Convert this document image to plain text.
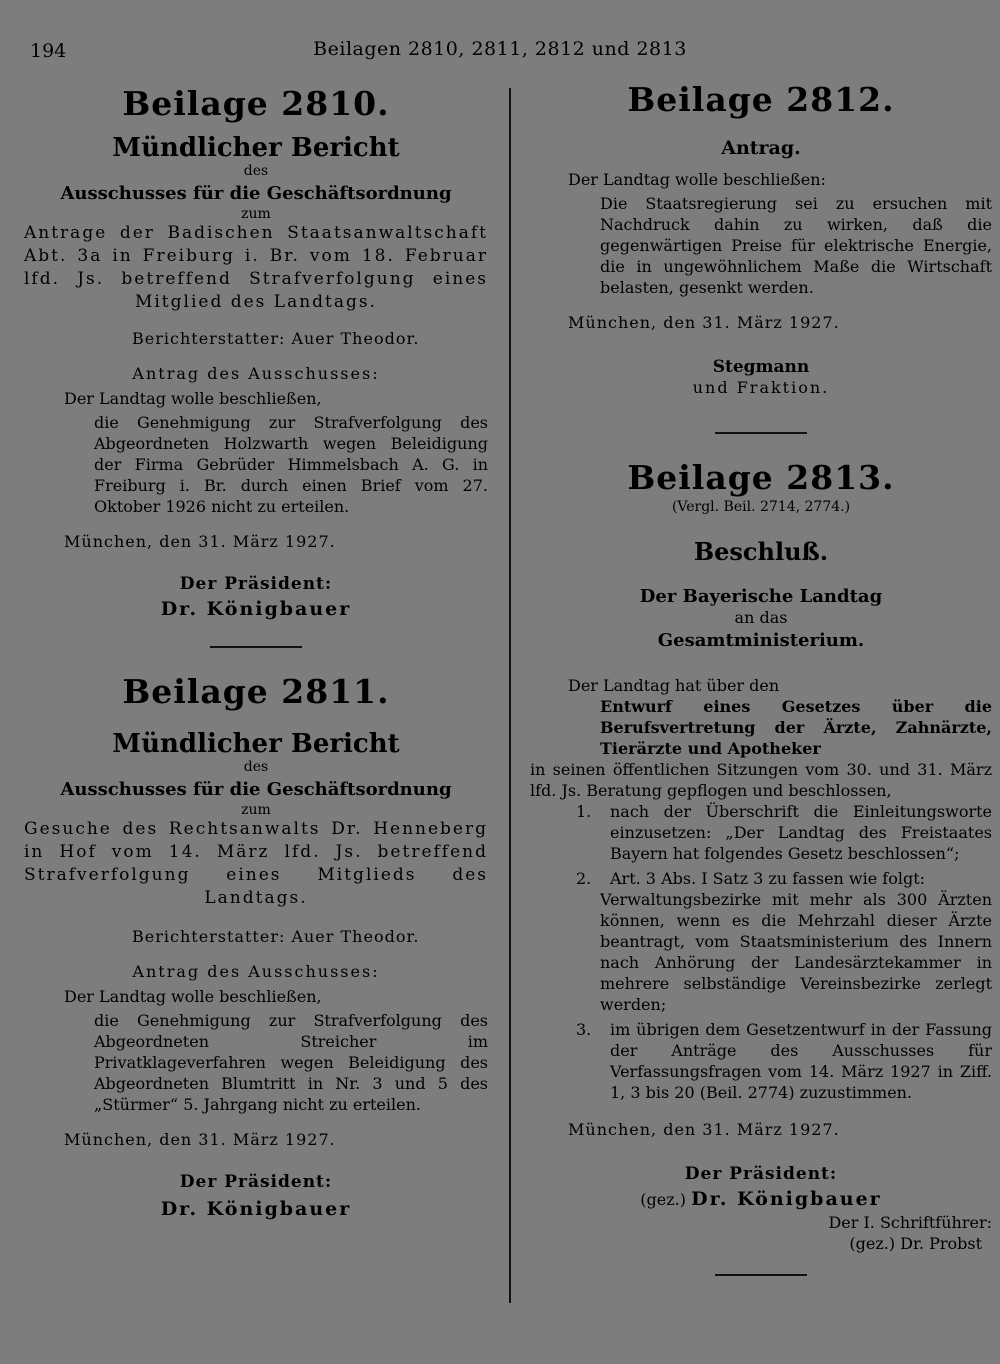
194	Beilagen 2810, 2811, 2812 und 2813
Beilage 2810.
Mündlicher Bericht
des
Ausschusses für die Geschäftsordnung
zum
Antrage der Badischen Staatsanwaltschaft
Abt. 3a in Freiburg i. Br. vom 18. Februar
lfd. Js. betreffend Strafverfolgung eines
Mitglied des Landtags.
Berichterstatter: Auer Theodor.
Antrag des Ausschusses:
Der Landtag wolle beschließen,
die Genehmigung zur Strafverfolgung des Abgeordneten Holzwarth wegen Beleidigung der Firma Gebrüder Himmelsbach A. G. in Freiburg i. Br. durch einen Brief vom 27. Oktober 1926 nicht zu erteilen.
München, den 31. März 1927.
Der Präsident:
Dr. Königbauer
Beilage 2811.
Mündlicher Bericht
des
Ausschusses für die Geschäftsordnung
zum
Gesuche des Rechtsanwalts Dr. Henneberg
in Hof vom 14. März lfd. Js. betreffend
Strafverfolgung eines Mitglieds des
Landtags.
Berichterstatter: Auer Theodor.
Antrag des Ausschusses:
Der Landtag wolle beschließen,
die Genehmigung zur Strafverfolgung des Abgeordneten Streicher im Privatklageverfahren wegen Beleidigung des Abgeordneten Blumtritt in Nr. 3 und 5 des „Stürmer“ 5. Jahrgang nicht zu erteilen.
München, den 31. März 1927.
Der Präsident:
Dr. Königbauer
Beilage 2812.
Antrag.
Der Landtag wolle beschließen:
Die Staatsregierung sei zu ersuchen mit Nachdruck dahin zu wirken, daß die gegenwärtigen Preise für elektrische Energie, die in ungewöhnlichem Maße die Wirtschaft belasten, gesenkt werden.
München, den 31. März 1927.
Stegmann
und Fraktion.
Beilage 2813.
(Vergl. Beil. 2714, 2774.)
Beschluß.
Der Bayerische Landtag
an das
Gesamtministerium.
Der Landtag hat über den
Entwurf eines Gesetzes über die Berufsvertretung der Ärzte, Zahnärzte, Tierärzte und Apotheker
in seinen öffentlichen Sitzungen vom 30. und 31. März lfd. Js. Beratung gepflogen und beschlossen,
1.	nach der Überschrift die Einleitungsworte einzusetzen: „Der Landtag des Freistaates Bayern hat folgendes Gesetz beschlossen“;
2.	Art. 3 Abs. I Satz 3 zu fassen wie folgt:
Verwaltungsbezirke mit mehr als 300 Ärzten können, wenn es die Mehrzahl dieser Ärzte beantragt, vom Staatsministerium des Innern nach Anhörung der Landesärztekammer in mehrere selbständige Vereinsbezirke zerlegt werden;
3.	im übrigen dem Gesetzentwurf in der Fassung der Anträge des Ausschusses für Verfassungsfragen vom 14. März 1927 in Ziff. 1, 3 bis 20 (Beil. 2774) zuzustimmen.
München, den 31. März 1927.
Der Präsident:
(gez.) Dr. Königbauer
Der I. Schriftführer:
(gez.) Dr. Probst
